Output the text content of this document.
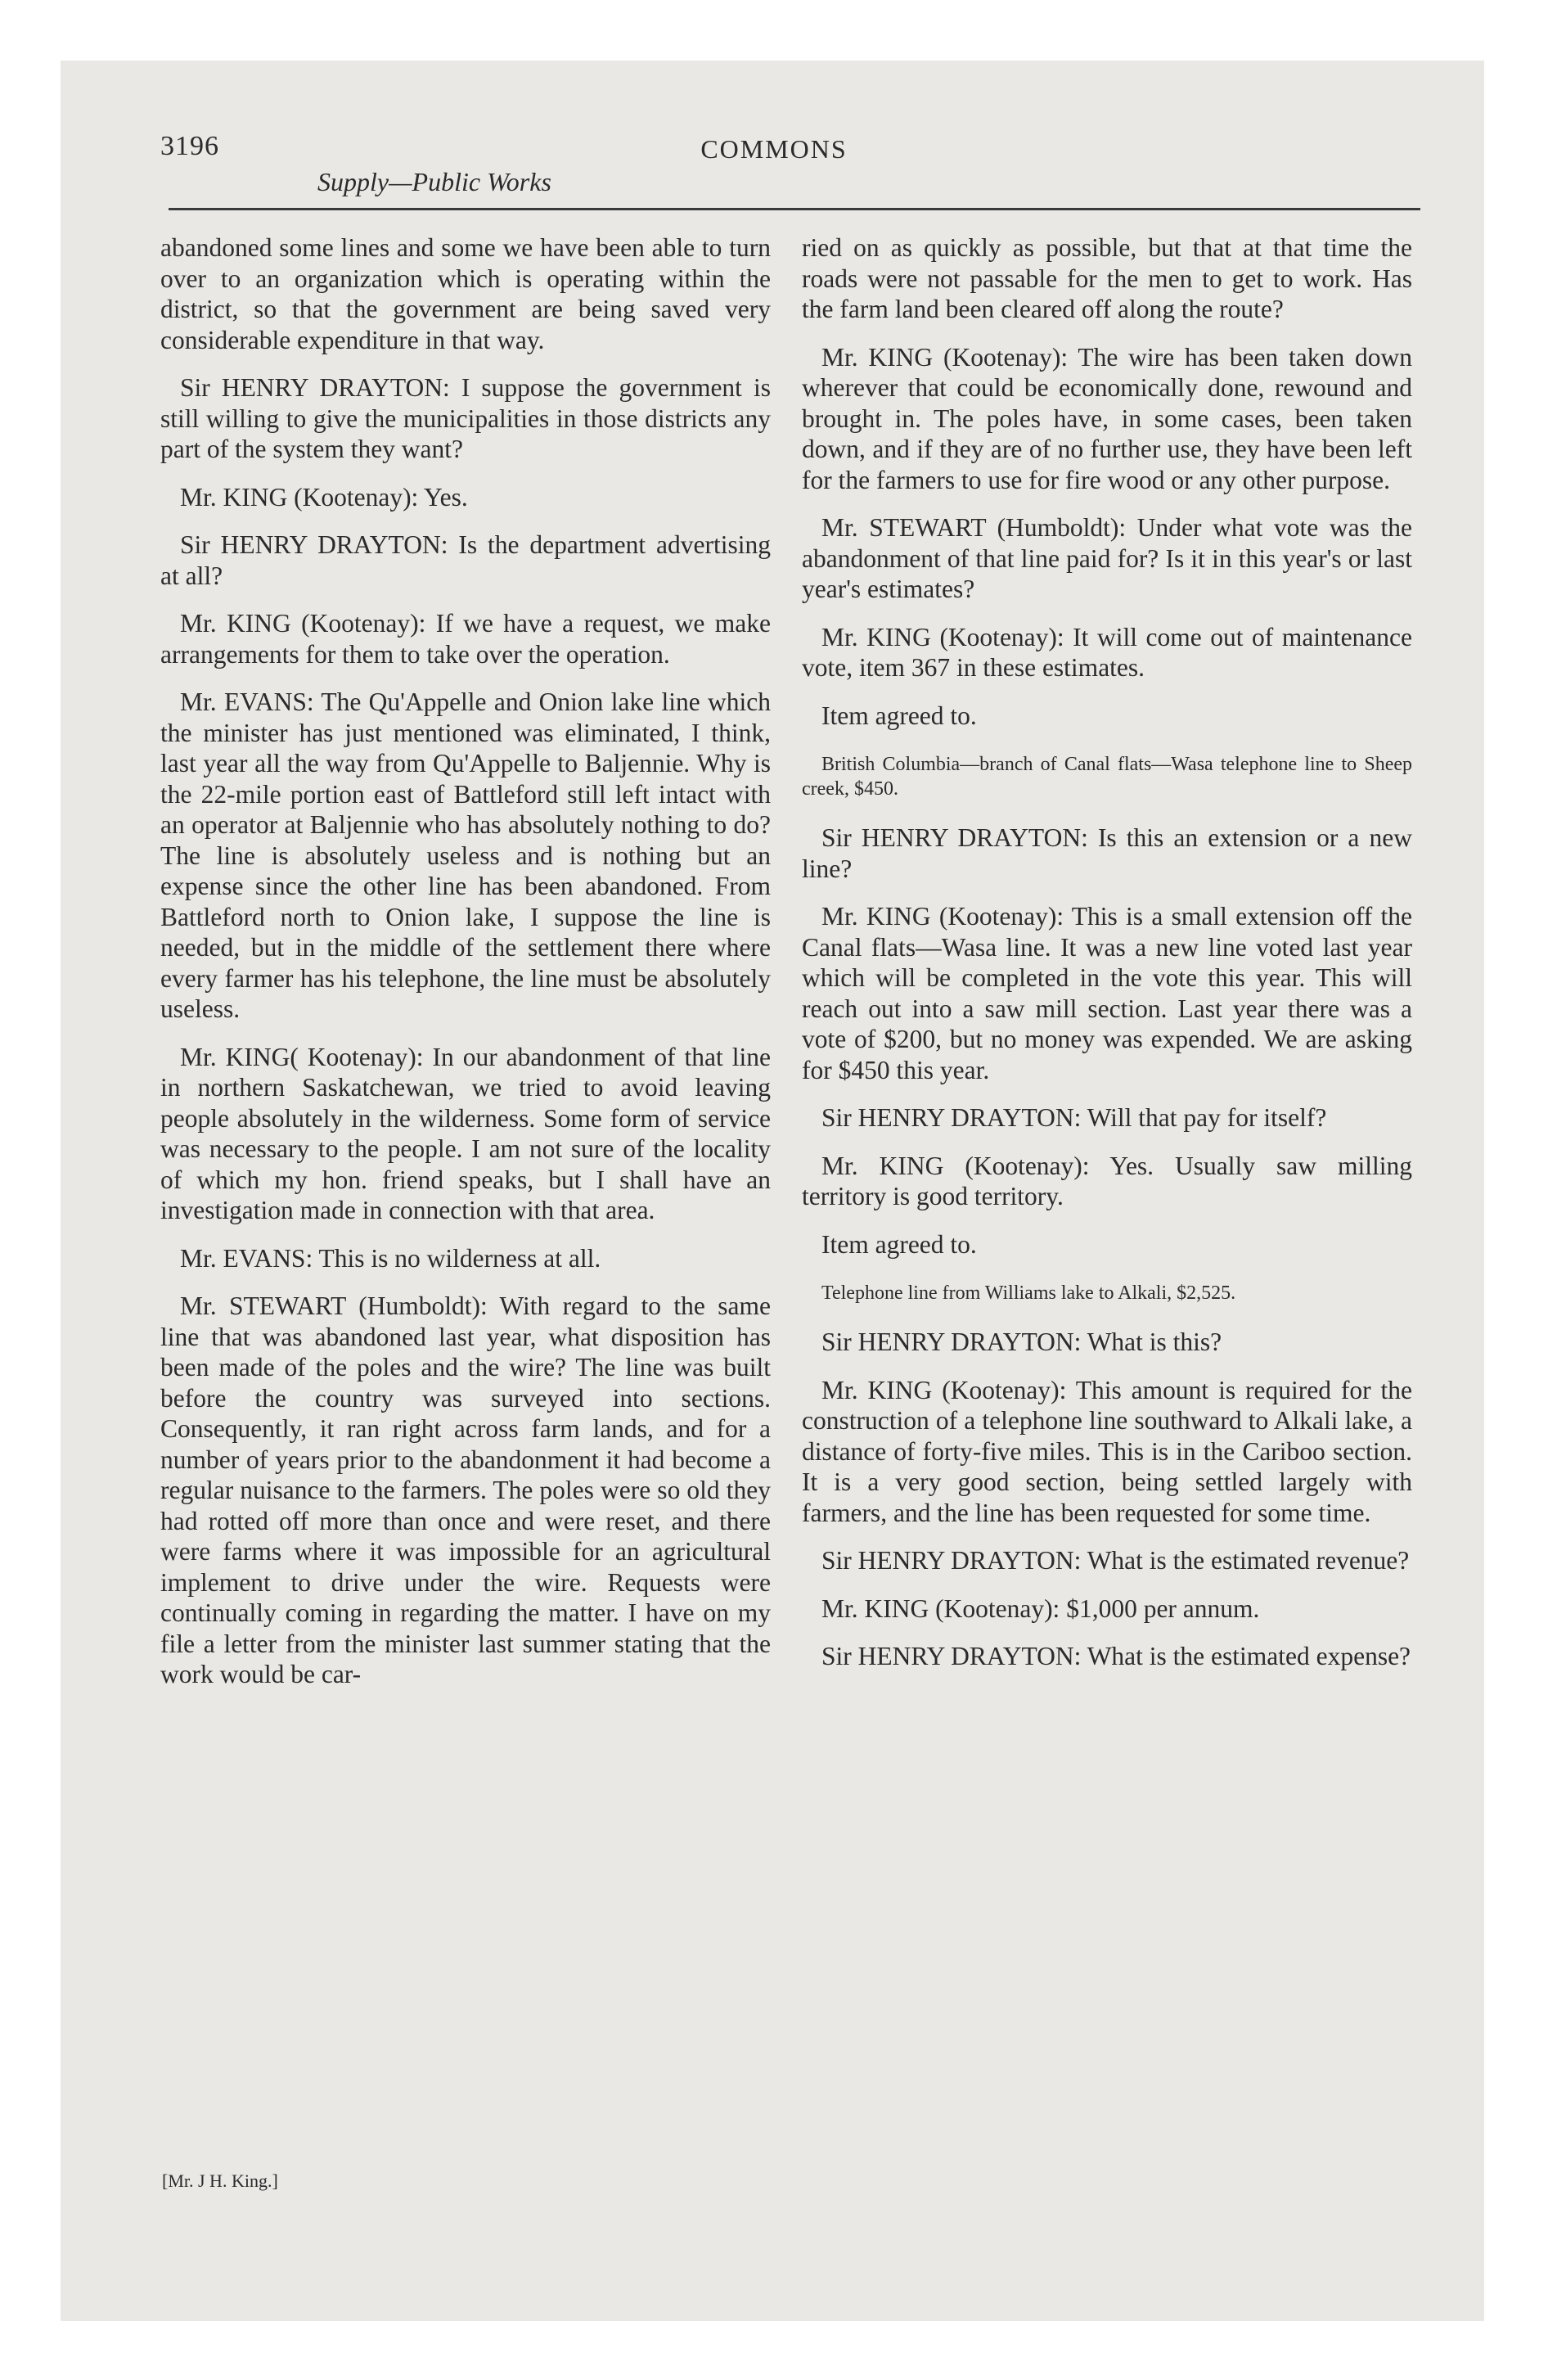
3196	COMMONS
Supply—Public Works

abandoned some lines and some we have been able to turn over to an organization which is operating within the district, so that the government are being saved very considerable expenditure in that way.

Sir HENRY DRAYTON: I suppose the government is still willing to give the municipalities in those districts any part of the system they want?

Mr. KING (Kootenay): Yes.

Sir HENRY DRAYTON: Is the department advertising at all?

Mr. KING (Kootenay): If we have a request, we make arrangements for them to take over the operation.

Mr. EVANS: The Qu'Appelle and Onion lake line which the minister has just mentioned was eliminated, I think, last year all the way from Qu'Appelle to Baljennie. Why is the 22-mile portion east of Battleford still left intact with an operator at Baljennie who has absolutely nothing to do? The line is absolutely useless and is nothing but an expense since the other line has been abandoned. From Battleford north to Onion lake, I suppose the line is needed, but in the middle of the settlement there where every farmer has his telephone, the line must be absolutely useless.

Mr. KING( Kootenay): In our abandonment of that line in northern Saskatchewan, we tried to avoid leaving people absolutely in the wilderness. Some form of service was necessary to the people. I am not sure of the locality of which my hon. friend speaks, but I shall have an investigation made in connection with that area.

Mr. EVANS: This is no wilderness at all.

Mr. STEWART (Humboldt): With regard to the same line that was abandoned last year, what disposition has been made of the poles and the wire? The line was built before the country was surveyed into sections. Consequently, it ran right across farm lands, and for a number of years prior to the abandonment it had become a regular nuisance to the farmers. The poles were so old they had rotted off more than once and were reset, and there were farms where it was impossible for an agricultural implement to drive under the wire. Requests were continually coming in regarding the matter. I have on my file a letter from the minister last summer stating that the work would be car-

ried on as quickly as possible, but that at that time the roads were not passable for the men to get to work. Has the farm land been cleared off along the route?

Mr. KING (Kootenay): The wire has been taken down wherever that could be economically done, rewound and brought in. The poles have, in some cases, been taken down, and if they are of no further use, they have been left for the farmers to use for fire wood or any other purpose.

Mr. STEWART (Humboldt): Under what vote was the abandonment of that line paid for? Is it in this year's or last year's estimates?

Mr. KING (Kootenay): It will come out of maintenance vote, item 367 in these estimates.

Item agreed to.

British Columbia—branch of Canal flats—Wasa telephone line to Sheep creek, $450.

Sir HENRY DRAYTON: Is this an extension or a new line?

Mr. KING (Kootenay): This is a small extension off the Canal flats—Wasa line. It was a new line voted last year which will be completed in the vote this year. This will reach out into a saw mill section. Last year there was a vote of $200, but no money was expended. We are asking for $450 this year.

Sir HENRY DRAYTON: Will that pay for itself?

Mr. KING (Kootenay): Yes. Usually saw milling territory is good territory.

Item agreed to.

Telephone line from Williams lake to Alkali, $2,525.

Sir HENRY DRAYTON: What is this?

Mr. KING (Kootenay): This amount is required for the construction of a telephone line southward to Alkali lake, a distance of forty-five miles. This is in the Cariboo section. It is a very good section, being settled largely with farmers, and the line has been requested for some time.

Sir HENRY DRAYTON: What is the estimated revenue?

Mr. KING (Kootenay): $1,000 per annum.

Sir HENRY DRAYTON: What is the estimated expense?

[Mr. J H. King.]
